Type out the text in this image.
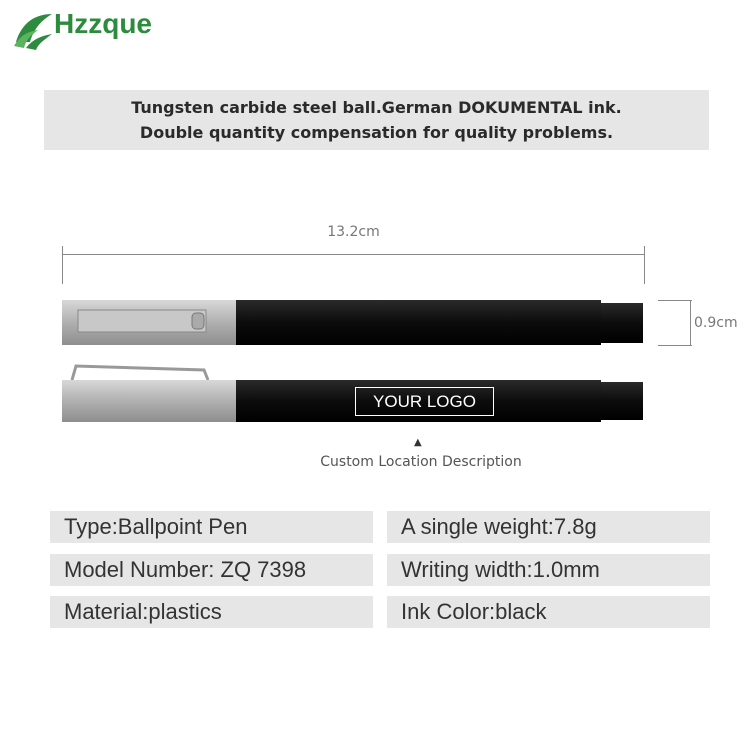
Hzzque
Tungsten carbide steel ball.German DOKUMENTAL ink.
Double quantity compensation for quality problems.
13.2cm
0.9cm
YOUR LOGO
▲
Custom Location Description
Type:Ballpoint Pen	A single weight:7.8g
Model Number: ZQ 7398	Writing width:1.0mm
Material:plastics	Ink Color:black
